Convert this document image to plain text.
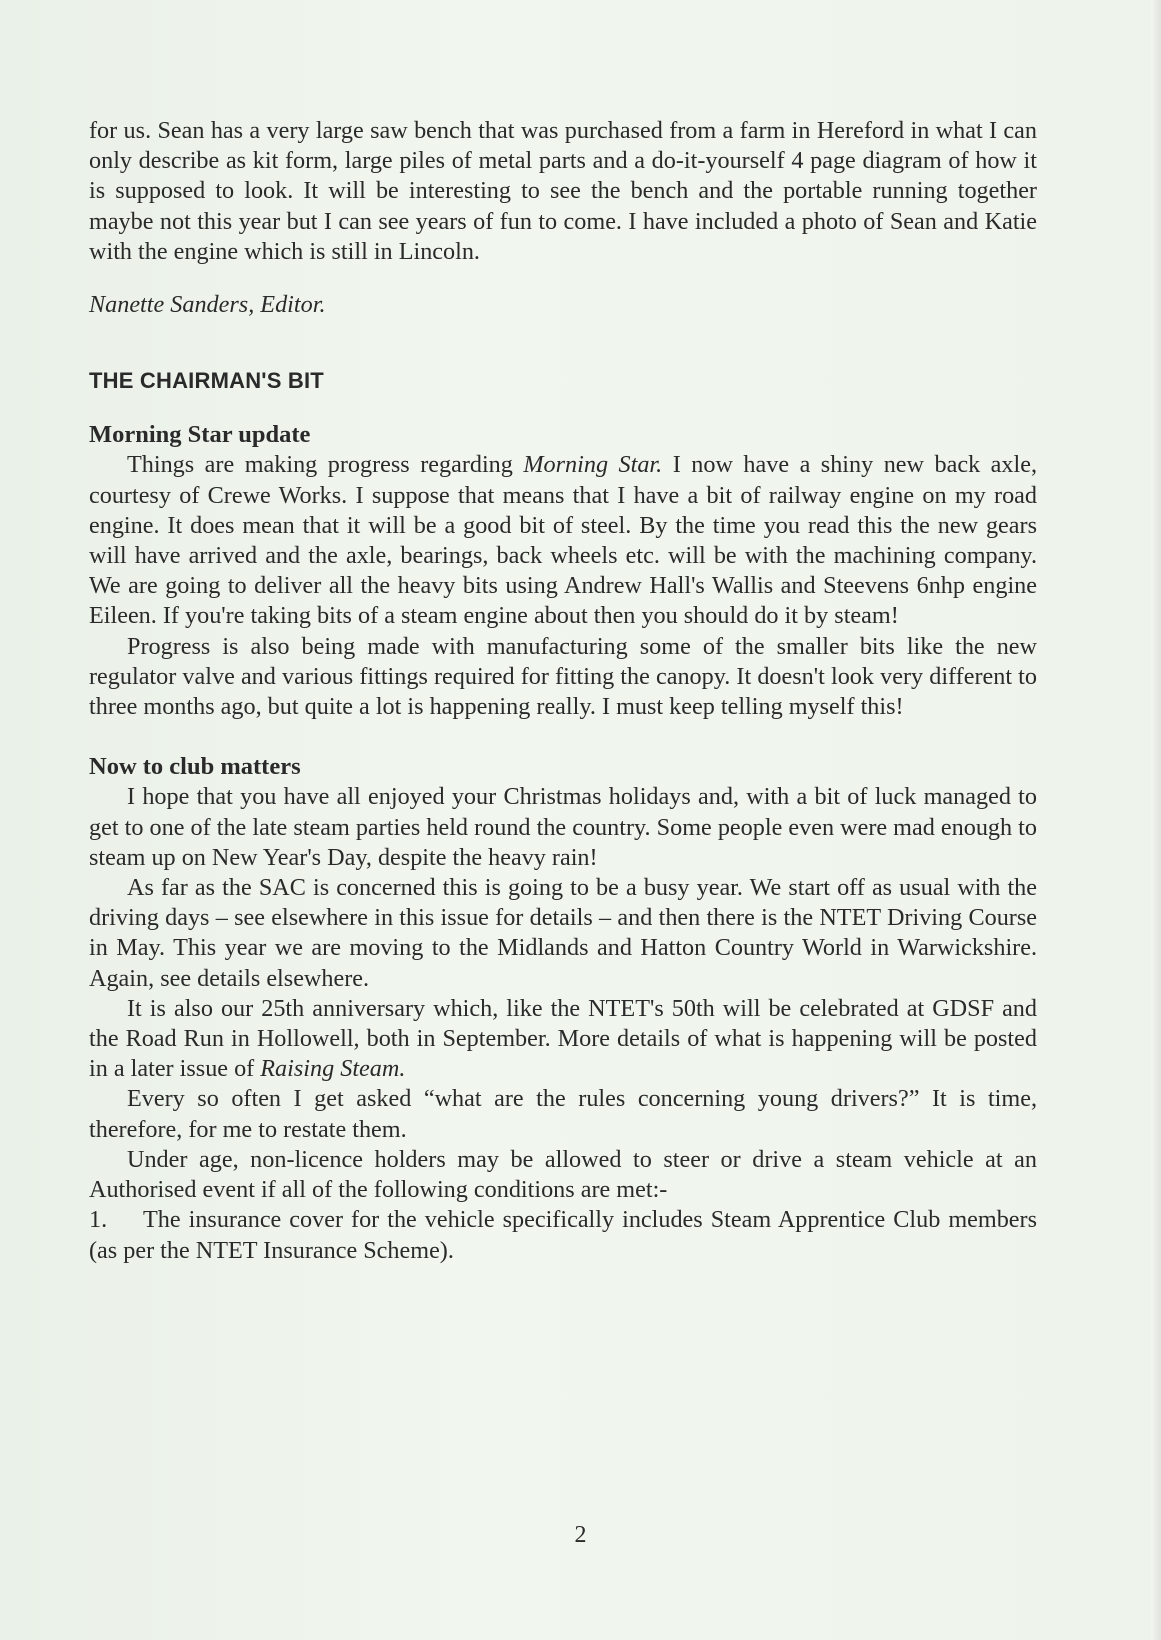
for us. Sean has a very large saw bench that was purchased from a farm in Hereford in what I can only describe as kit form, large piles of metal parts and a do-it-yourself 4 page diagram of how it is supposed to look. It will be interesting to see the bench and the portable running together maybe not this year but I can see years of fun to come. I have included a photo of Sean and Katie with the engine which is still in Lincoln.

Nanette Sanders, Editor.

THE CHAIRMAN'S BIT
Morning Star update

Things are making progress regarding Morning Star. I now have a shiny new back axle, courtesy of Crewe Works. I suppose that means that I have a bit of railway engine on my road engine. It does mean that it will be a good bit of steel. By the time you read this the new gears will have arrived and the axle, bearings, back wheels etc. will be with the machining company. We are going to deliver all the heavy bits using Andrew Hall's Wallis and Steevens 6nhp engine Eileen. If you're taking bits of a steam engine about then you should do it by steam!

Progress is also being made with manufacturing some of the smaller bits like the new regulator valve and various fittings required for fitting the canopy. It doesn't look very different to three months ago, but quite a lot is happening really. I must keep telling myself this!

Now to club matters

I hope that you have all enjoyed your Christmas holidays and, with a bit of luck managed to get to one of the late steam parties held round the country. Some people even were mad enough to steam up on New Year's Day, despite the heavy rain!

As far as the SAC is concerned this is going to be a busy year. We start off as usual with the driving days – see elsewhere in this issue for details – and then there is the NTET Driving Course in May. This year we are moving to the Midlands and Hatton Country World in Warwickshire. Again, see details elsewhere.

It is also our 25th anniversary which, like the NTET's 50th will be celebrated at GDSF and the Road Run in Hollowell, both in September. More details of what is happening will be posted in a later issue of Raising Steam.

Every so often I get asked “what are the rules concerning young drivers?” It is time, therefore, for me to restate them.

Under age, non-licence holders may be allowed to steer or drive a steam vehicle at an Authorised event if all of the following conditions are met:-

1. The insurance cover for the vehicle specifically includes Steam Apprentice Club members (as per the NTET Insurance Scheme).

2
